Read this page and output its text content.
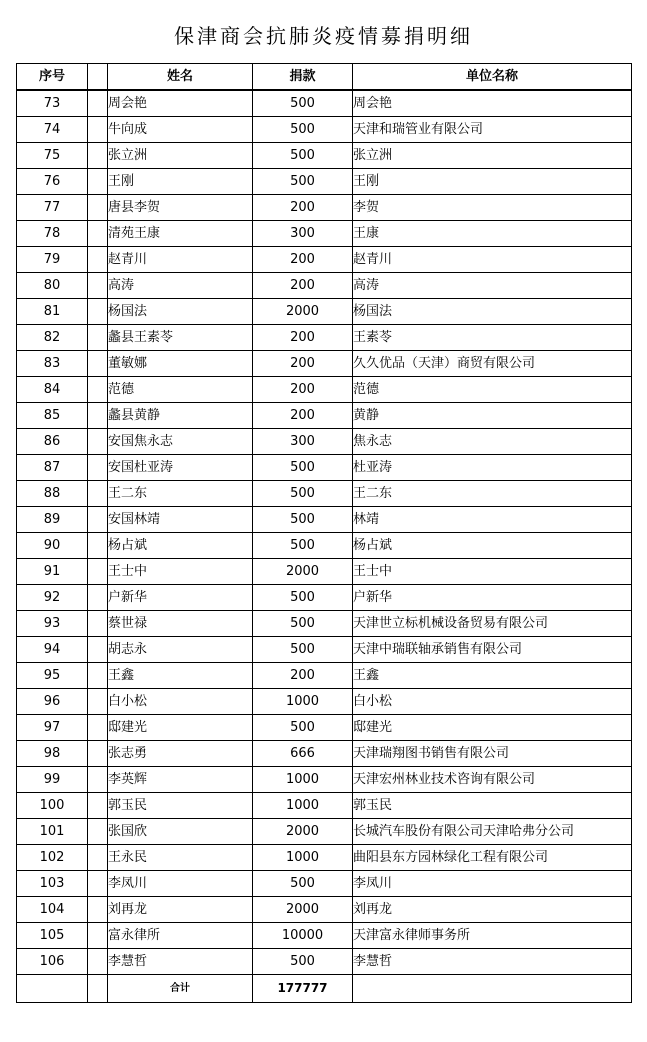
保津商会抗肺炎疫情募捐明细
序号		姓名	捐款	单位名称
73		周会艳	500	周会艳
74		牛向成	500	天津和瑞管业有限公司
75		张立洲	500	张立洲
76		王刚	500	王刚
77		唐县李贺	200	李贺
78		清苑王康	300	王康
79		赵青川	200	赵青川
80		高涛	200	高涛
81		杨国法	2000	杨国法
82		蠡县王素苓	200	王素苓
83		董敏娜	200	久久优品（天津）商贸有限公司
84		范德	200	范德
85		蠡县黄静	200	黄静
86		安国焦永志	300	焦永志
87		安国杜亚涛	500	杜亚涛
88		王二东	500	王二东
89		安国林靖	500	林靖
90		杨占斌	500	杨占斌
91		王士中	2000	王士中
92		户新华	500	户新华
93		蔡世禄	500	天津世立标机械设备贸易有限公司
94		胡志永	500	天津中瑞联轴承销售有限公司
95		王鑫	200	王鑫
96		白小松	1000	白小松
97		邸建光	500	邸建光
98		张志勇	666	天津瑞翔图书销售有限公司
99		李英辉	1000	天津宏州林业技术咨询有限公司
100		郭玉民	1000	郭玉民
101		张国欣	2000	长城汽车股份有限公司天津哈弗分公司
102		王永民	1000	曲阳县东方园林绿化工程有限公司
103		李凤川	500	李凤川
104		刘再龙	2000	刘再龙
105		富永律所	10000	天津富永律师事务所
106		李慧哲	500	李慧哲
		合计	177777	
